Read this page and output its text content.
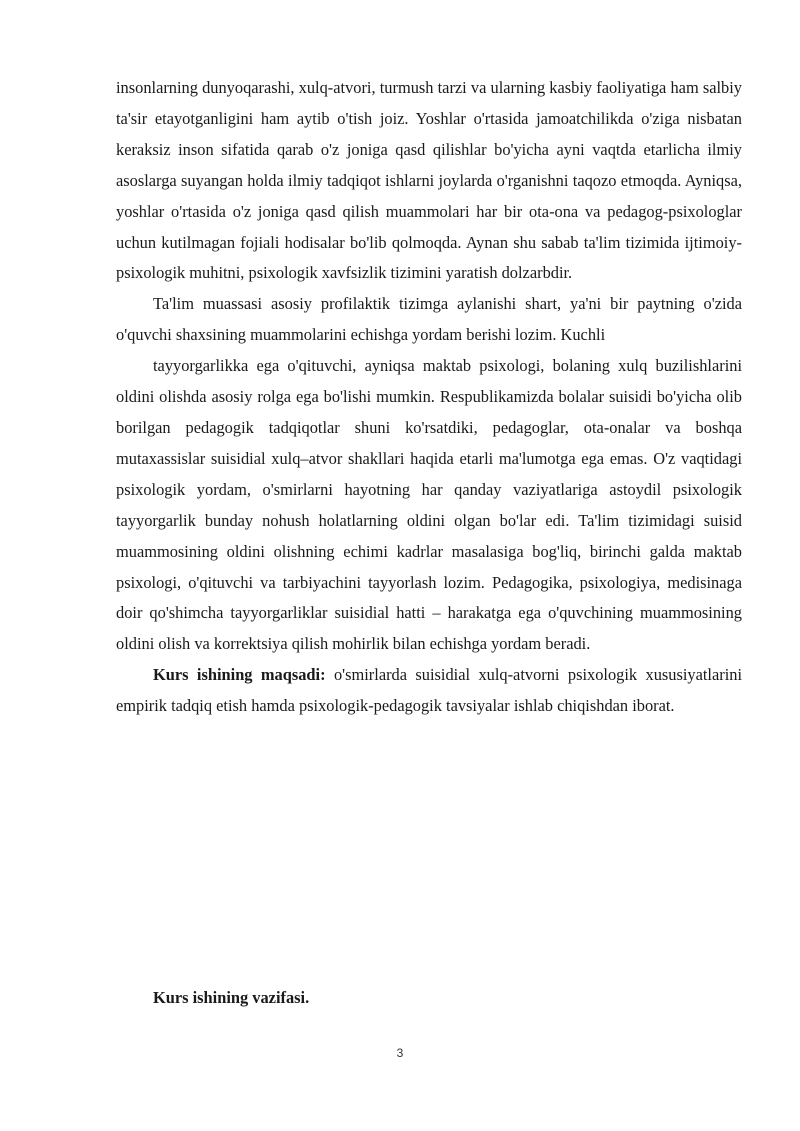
insonlarning dunyoqarashi, xulq-atvori, turmush tarzi va ularning kasbiy faoliyatiga ham salbiy ta'sir etayotganligini ham aytib o'tish joiz. Yoshlar o'rtasida jamoatchilikda o'ziga nisbatan keraksiz inson sifatida qarab o'z joniga qasd qilishlar bo'yicha ayni vaqtda etarlicha ilmiy asoslarga suyangan holda ilmiy tadqiqot ishlarni joylarda o'rganishni taqozo etmoqda. Ayniqsa, yoshlar o'rtasida o'z joniga qasd qilish muammolari har bir ota-ona va pedagog-psixologlar uchun kutilmagan fojiali hodisalar bo'lib qolmoqda. Aynan shu sabab ta'lim tizimida ijtimoiy-psixologik muhitni, psixologik xavfsizlik tizimini yaratish dolzarbdir.

Ta'lim muassasi asosiy profilaktik tizimga aylanishi shart, ya'ni bir paytning o'zida o'quvchi shaxsining muammolarini echishga yordam berishi lozim. Kuchli

tayyorgarlikka ega o'qituvchi, ayniqsa maktab psixologi, bolaning xulq buzilishlarini oldini olishda asosiy rolga ega bo'lishi mumkin. Respublikamizda bolalar suisidi bo'yicha olib borilgan pedagogik tadqiqotlar shuni ko'rsatdiki, pedagoglar, ota-onalar va boshqa mutaxassislar suisidial xulq–atvor shakllari haqida etarli ma'lumotga ega emas. O'z vaqtidagi psixologik yordam, o'smirlarni hayotning har qanday vaziyatlariga astoydil psixologik tayyorgarlik bunday nohush holatlarning oldini olgan bo'lar edi. Ta'lim tizimidagi suisid muammosining oldini olishning echimi kadrlar masalasiga bog'liq, birinchi galda maktab psixologi, o'qituvchi va tarbiyachini tayyorlash lozim. Pedagogika, psixologiya, medisinaga doir qo'shimcha tayyorgarliklar suisidial hatti – harakatga ega o'quvchining muammosining oldini olish va korrektsiya qilish mohirlik bilan echishga yordam beradi.

Kurs ishining maqsadi: o'smirlarda suisidial xulq-atvorni psixologik xususiyatlarini empirik tadqiq etish hamda psixologik-pedagogik tavsiyalar ishlab chiqishdan iborat.

Kurs ishining vazifasi.
3
